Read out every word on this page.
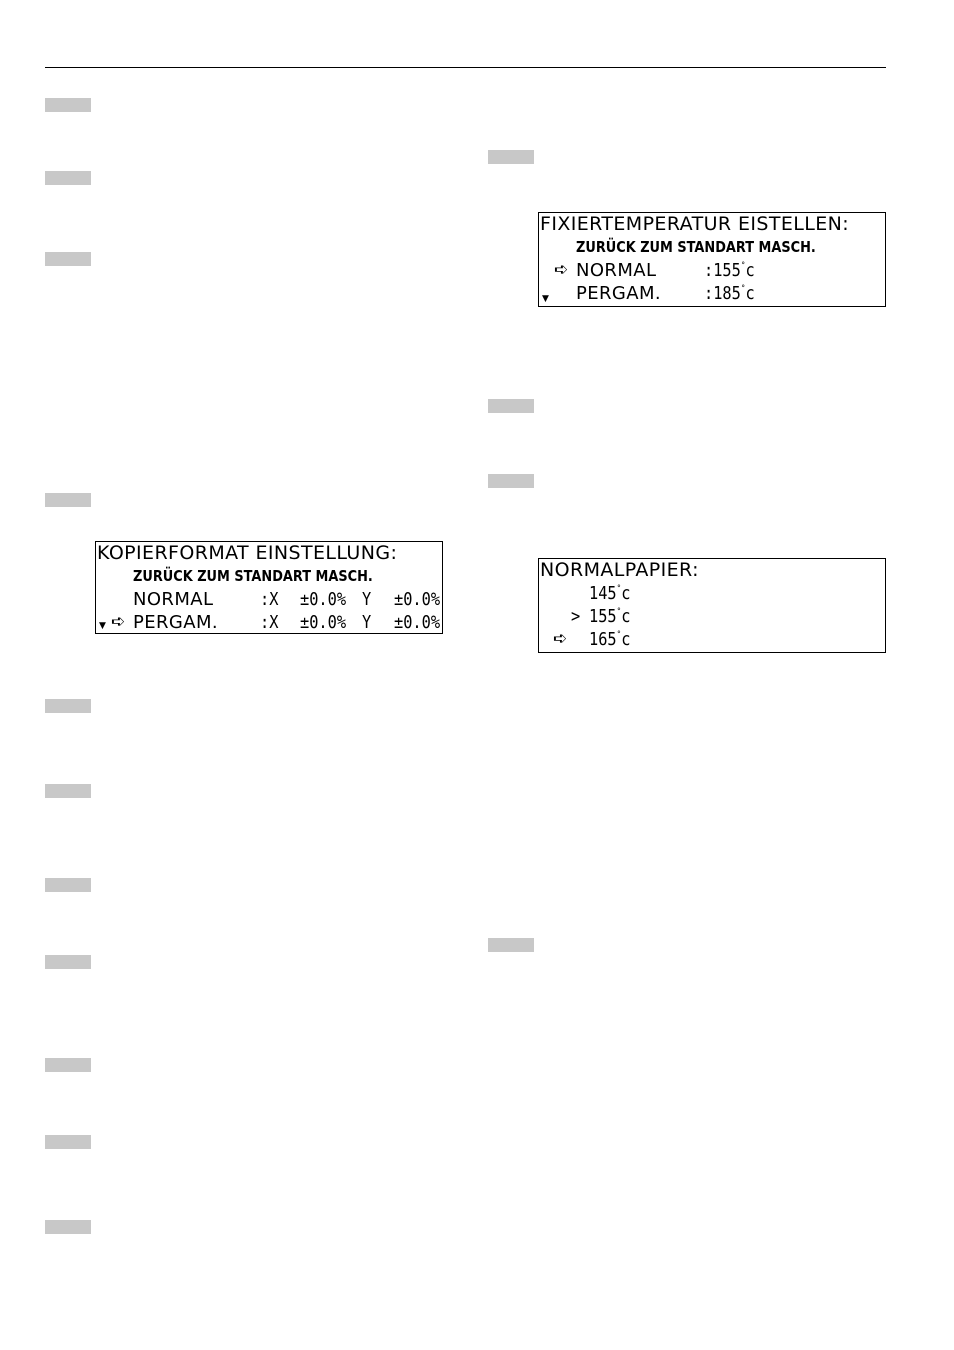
FIXIERTEMPERATUR EISTELLEN:
ZURÜCK ZUM STANDART MASCH.
➪ NORMAL	:155°c
▼ PERGAM. :185°c
KOPIERFORMAT EINSTELLUNG:
ZURÜCK ZUM STANDART MASCH.
NORMAL	:X ±0.0% Y ±0.0%
▼ ➪ PERGAM. :X ±0.0% Y ±0.0%
NORMALPAPIER:
145°c
> 155°c
➪ 165°c
